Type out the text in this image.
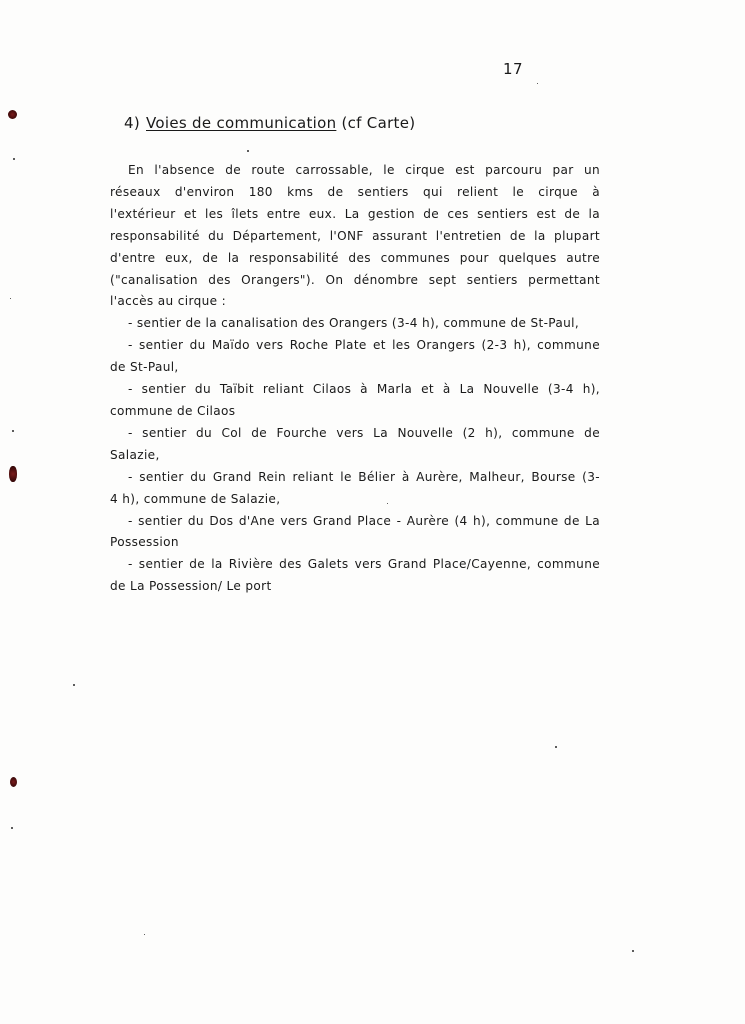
17
4) Voies de communication (cf Carte)
En l'absence de route carrossable, le cirque est parcouru par un
réseaux d'environ 180 kms de sentiers qui relient le cirque à
l'extérieur et les îlets entre eux. La gestion de ces sentiers est de la
responsabilité du Département, l'ONF assurant l'entretien de la plupart
d'entre eux, de la responsabilité des communes pour quelques autre
("canalisation des Orangers"). On dénombre sept sentiers permettant
l'accès au cirque :
- sentier de la canalisation des Orangers (3-4 h), commune de St-Paul,
- sentier du Maïdo vers Roche Plate et les Orangers (2-3 h), commune
de St-Paul,
- sentier du Taïbit reliant Cilaos à Marla et à La Nouvelle (3-4 h),
commune de Cilaos
- sentier du Col de Fourche vers La Nouvelle (2 h), commune de
Salazie,
- sentier du Grand Rein reliant le Bélier à Aurère, Malheur, Bourse (3-
4 h), commune de Salazie,
- sentier du Dos d'Ane vers Grand Place - Aurère (4 h), commune de La
Possession
- sentier de la Rivière des Galets vers Grand Place/Cayenne, commune
de La Possession/ Le port
